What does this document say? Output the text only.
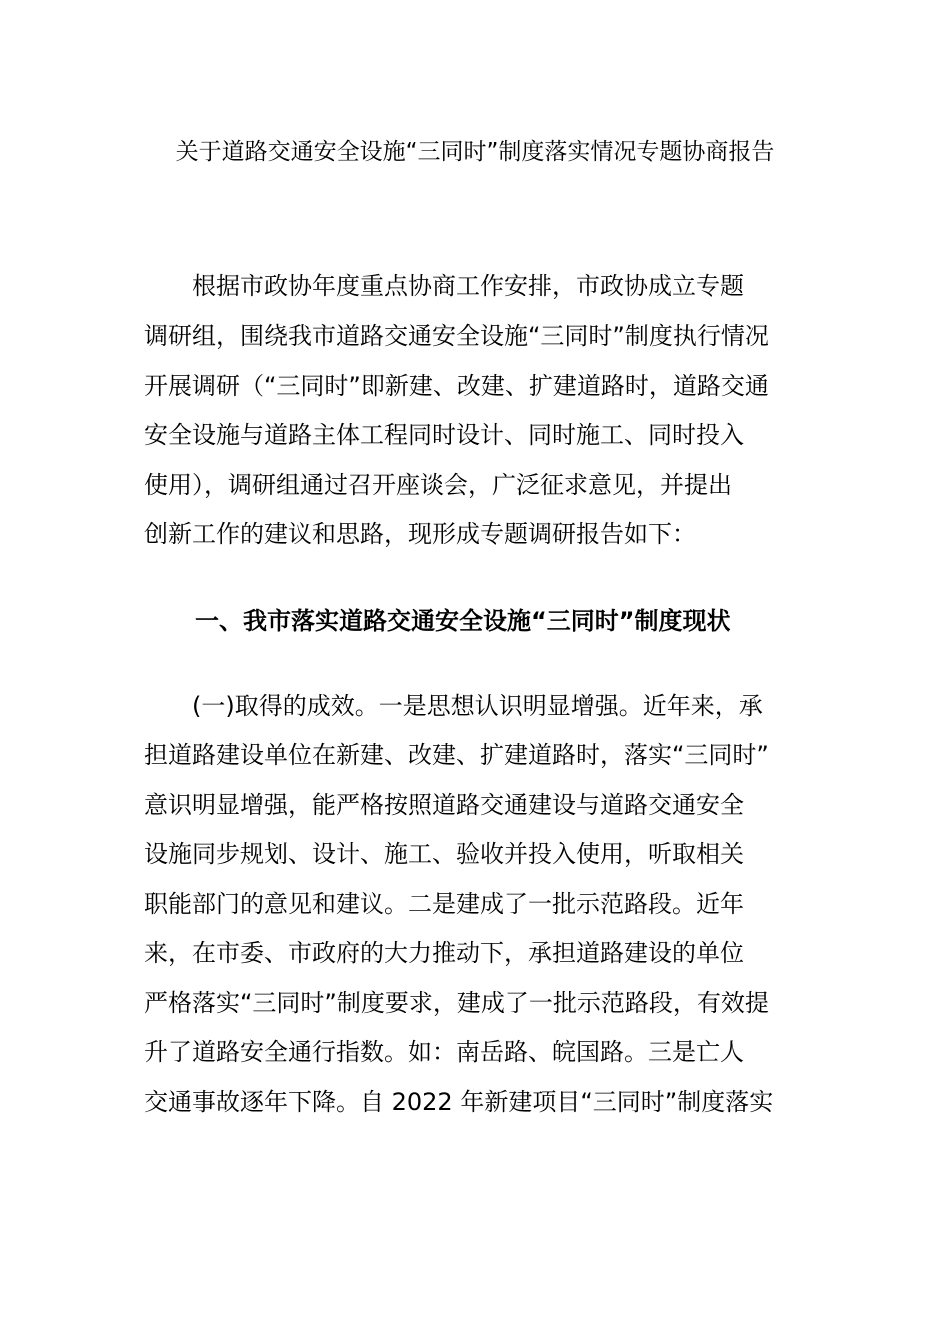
关于道路交通安全设施“三同时”制度落实情况专题协商报告
　　根据市政协年度重点协商工作安排，市政协成立专题
调研组，围绕我市道路交通安全设施“三同时”制度执行情况
开展调研（“三同时”即新建、改建、扩建道路时，道路交通
安全设施与道路主体工程同时设计、同时施工、同时投入
使用），调研组通过召开座谈会，广泛征求意见，并提出
创新工作的建议和思路，现形成专题调研报告如下：
一、我市落实道路交通安全设施“三同时”制度现状
　　(一)取得的成效。一是思想认识明显增强。近年来，承
担道路建设单位在新建、改建、扩建道路时，落实“三同时”
意识明显增强，能严格按照道路交通建设与道路交通安全
设施同步规划、设计、施工、验收并投入使用，听取相关
职能部门的意见和建议。二是建成了一批示范路段。近年
来，在市委、市政府的大力推动下，承担道路建设的单位
严格落实“三同时”制度要求，建成了一批示范路段，有效提
升了道路安全通行指数。如：南岳路、皖国路。三是亡人
交通事故逐年下降。自 2022 年新建项目“三同时”制度落实
